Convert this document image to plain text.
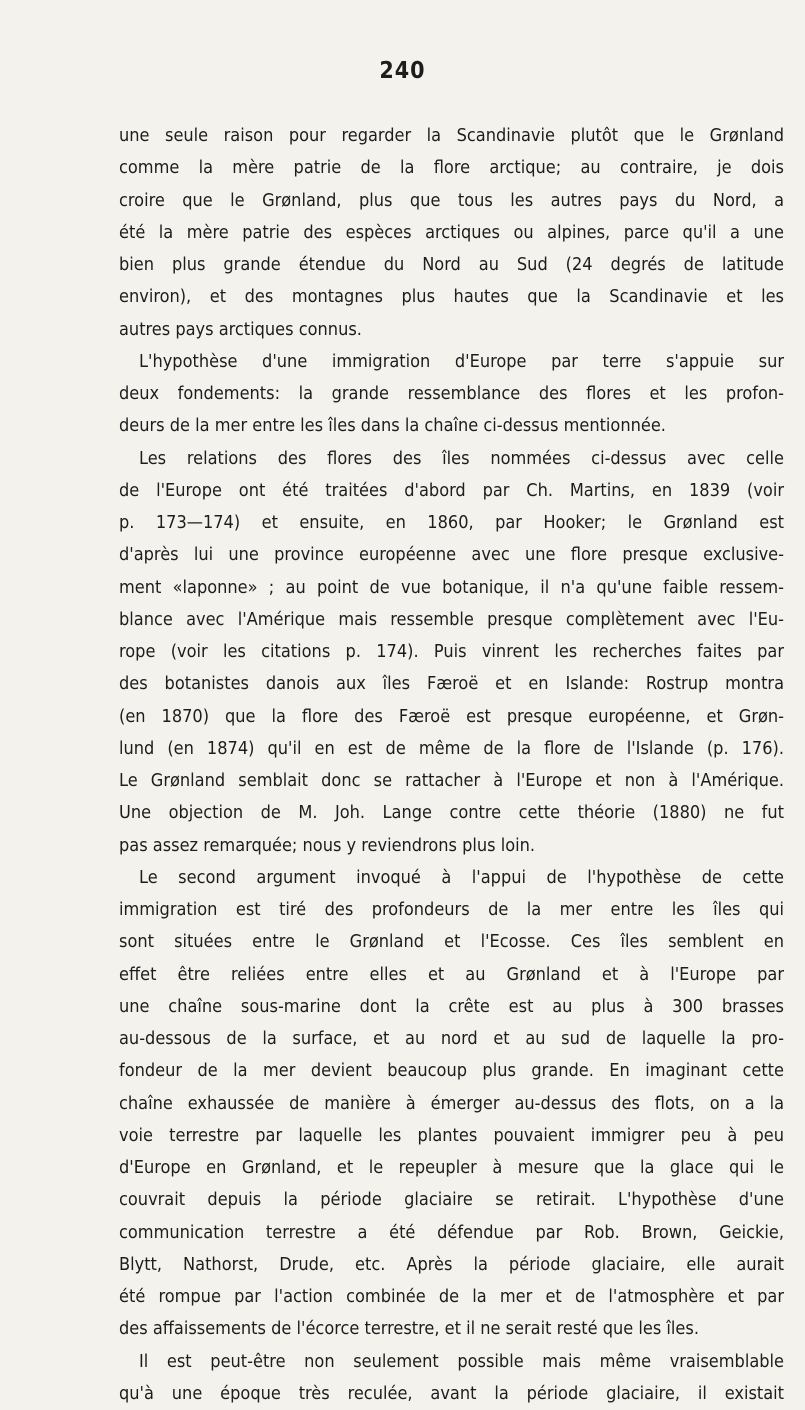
240
une seule raison pour regarder la Scandinavie plutôt que le Grønland
comme la mère patrie de la flore arctique; au contraire, je dois
croire que le Grønland, plus que tous les autres pays du Nord, a
été la mère patrie des espèces arctiques ou alpines, parce qu'il a une
bien plus grande étendue du Nord au Sud (24 degrés de latitude
environ), et des montagnes plus hautes que la Scandinavie et les
autres pays arctiques connus.
L'hypothèse d'une immigration d'Europe par terre s'appuie sur
deux fondements: la grande ressemblance des flores et les profon-
deurs de la mer entre les îles dans la chaîne ci-dessus mentionnée.
Les relations des flores des îles nommées ci-dessus avec celle
de l'Europe ont été traitées d'abord par Ch. Martins, en 1839 (voir
p. 173—174) et ensuite, en 1860, par Hooker; le Grønland est
d'après lui une province européenne avec une flore presque exclusive-
ment «laponne» ; au point de vue botanique, il n'a qu'une faible ressem-
blance avec l'Amérique mais ressemble presque complètement avec l'Eu-
rope (voir les citations p. 174). Puis vinrent les recherches faites par
des botanistes danois aux îles Færoë et en Islande: Rostrup montra
(en 1870) que la flore des Færoë est presque européenne, et Grøn-
lund (en 1874) qu'il en est de même de la flore de l'Islande (p. 176).
Le Grønland semblait donc se rattacher à l'Europe et non à l'Amérique.
Une objection de M. Joh. Lange contre cette théorie (1880) ne fut
pas assez remarquée; nous y reviendrons plus loin.
Le second argument invoqué à l'appui de l'hypothèse de cette
immigration est tiré des profondeurs de la mer entre les îles qui
sont situées entre le Grønland et l'Ecosse. Ces îles semblent en
effet être reliées entre elles et au Grønland et à l'Europe par
une chaîne sous-marine dont la crête est au plus à 300 brasses
au-dessous de la surface, et au nord et au sud de laquelle la pro-
fondeur de la mer devient beaucoup plus grande. En imaginant cette
chaîne exhaussée de manière à émerger au-dessus des flots, on a la
voie terrestre par laquelle les plantes pouvaient immigrer peu à peu
d'Europe en Grønland, et le repeupler à mesure que la glace qui le
couvrait depuis la période glaciaire se retirait. L'hypothèse d'une
communication terrestre a été défendue par Rob. Brown, Geickie,
Blytt, Nathorst, Drude, etc. Après la période glaciaire, elle aurait
été rompue par l'action combinée de la mer et de l'atmosphère et par
des affaissements de l'écorce terrestre, et il ne serait resté que les îles.
Il est peut-être non seulement possible mais même vraisemblable
qu'à une époque très reculée, avant la période glaciaire, il existait
